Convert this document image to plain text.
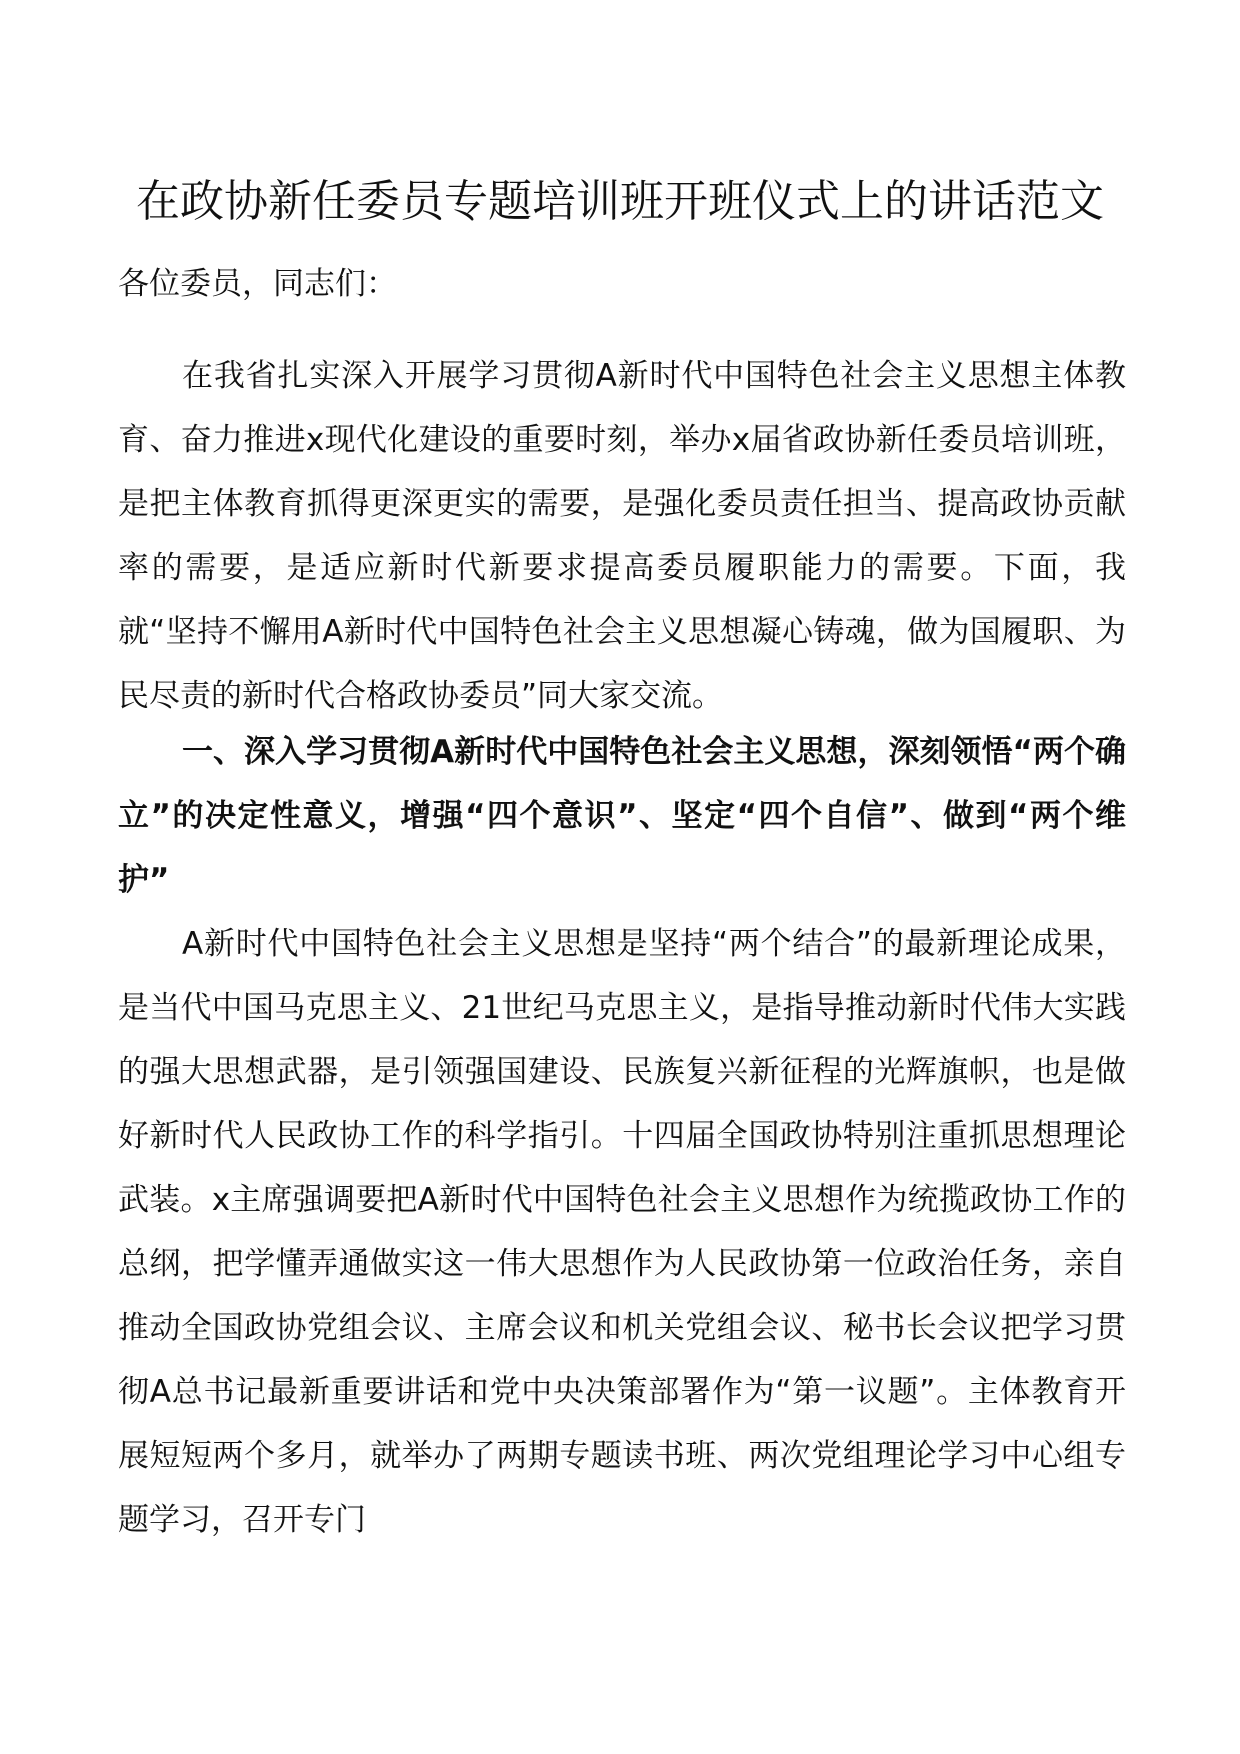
在政协新任委员专题培训班开班仪式上的讲话范文
各位委员，同志们：

在我省扎实深入开展学习贯彻A新时代中国特色社会主义思想主体教育、奋力推进x现代化建设的重要时刻，举办x届省政协新任委员培训班，是把主体教育抓得更深更实的需要，是强化委员责任担当、提高政协贡献率的需要，是适应新时代新要求提高委员履职能力的需要。下面，我就“坚持不懈用A新时代中国特色社会主义思想凝心铸魂，做为国履职、为民尽责的新时代合格政协委员”同大家交流。

一、深入学习贯彻A新时代中国特色社会主义思想，深刻领悟“两个确立”的决定性意义，增强“四个意识”、坚定“四个自信”、做到“两个维护”

A新时代中国特色社会主义思想是坚持“两个结合”的最新理论成果，是当代中国马克思主义、21世纪马克思主义，是指导推动新时代伟大实践的强大思想武器，是引领强国建设、民族复兴新征程的光辉旗帜，也是做好新时代人民政协工作的科学指引。十四届全国政协特别注重抓思想理论武装。x主席强调要把A新时代中国特色社会主义思想作为统揽政协工作的总纲，把学懂弄通做实这一伟大思想作为人民政协第一位政治任务，亲自推动全国政协党组会议、主席会议和机关党组会议、秘书长会议把学习贯彻A总书记最新重要讲话和党中央决策部署作为“第一议题”。主体教育开展短短两个多月，就举办了两期专题读书班、两次党组理论学习中心组专题学习，召开专门
